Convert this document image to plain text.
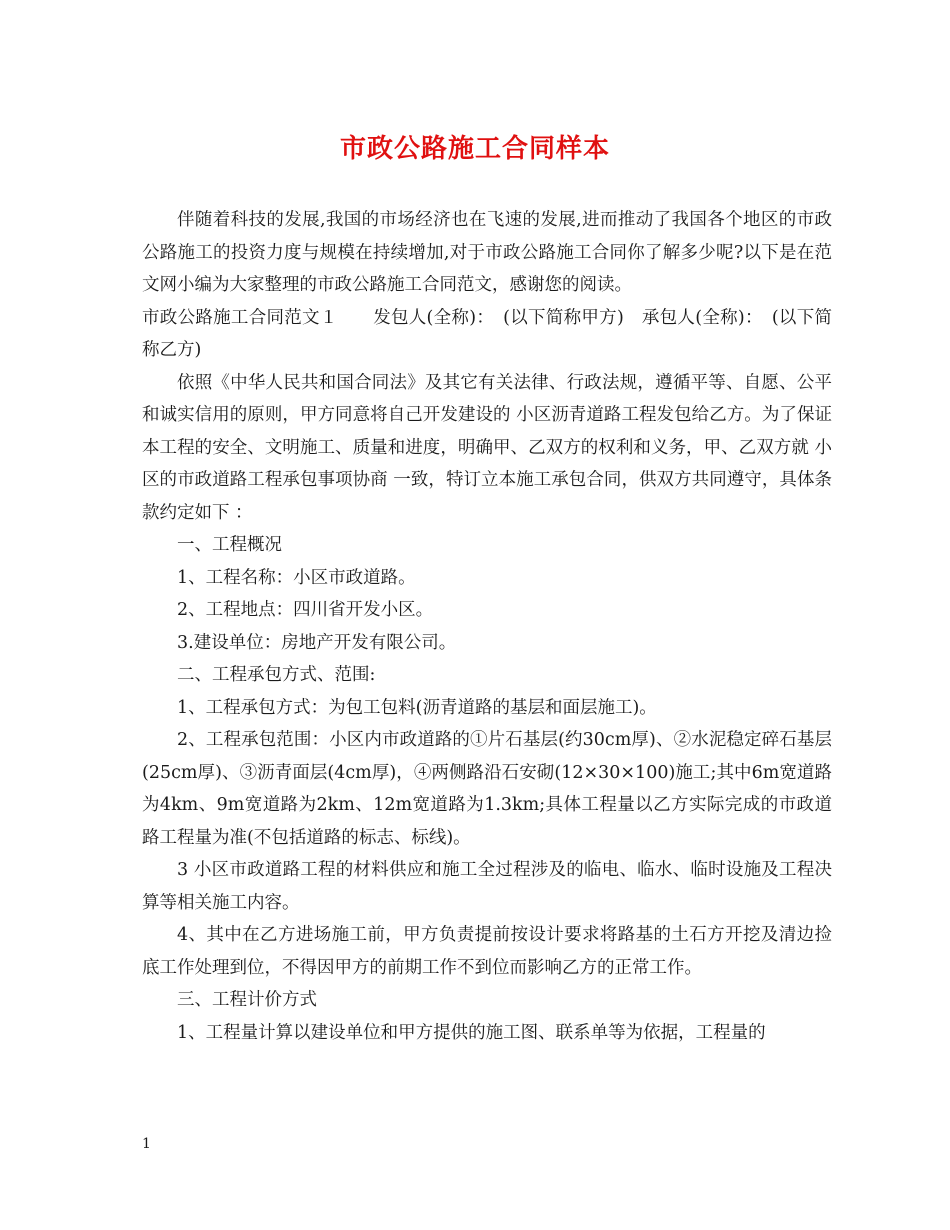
市政公路施工合同样本

伴随着科技的发展,我国的市场经济也在飞速的发展,进而推动了我国各个地区的市政公路施工的投资力度与规模在持续增加,对于市政公路施工合同你了解多少呢?以下是在范文网小编为大家整理的市政公路施工合同范文，感谢您的阅读。

市政公路施工合同范文１　　发包人(全称)：　(以下简称甲方)　承包人(全称)：　(以下简称乙方)

依照《中华人民共和国合同法》及其它有关法律、行政法规，遵循平等、自愿、公平和诚实信用的原则，甲方同意将自己开发建设的 小区沥青道路工程发包给乙方。为了保证本工程的安全、文明施工、质量和进度，明确甲、乙双方的权利和义务，甲、乙双方就 小区的市政道路工程承包事项协商 一致，特订立本施工承包合同，供双方共同遵守，具体条款约定如下 ：

一、工程概况

1、工程名称：小区市政道路。

2、工程地点：四川省开发小区。

3.建设单位：房地产开发有限公司。

二、工程承包方式、范围:

1、工程承包方式：为包工包料(沥青道路的基层和面层施工)。

2、工程承包范围：小区内市政道路的①片石基层(约30cm厚)、②水泥稳定碎石基层(25cm厚)、③沥青面层(4cm厚)，④两侧路沿石安砌(12×30×100)施工;其中6m宽道路为4km、9m宽道路为2km、12m宽道路为1.3km;具体工程量以乙方实际完成的市政道路工程量为准(不包括道路的标志、标线)。

3 小区市政道路工程的材料供应和施工全过程涉及的临电、临水、临时设施及工程决算等相关施工内容。

4、其中在乙方进场施工前，甲方负责提前按设计要求将路基的土石方开挖及清边捡底工作处理到位，不得因甲方的前期工作不到位而影响乙方的正常工作。

三、工程计价方式

1、工程量计算以建设单位和甲方提供的施工图、联系单等为依据，工程量的

1
